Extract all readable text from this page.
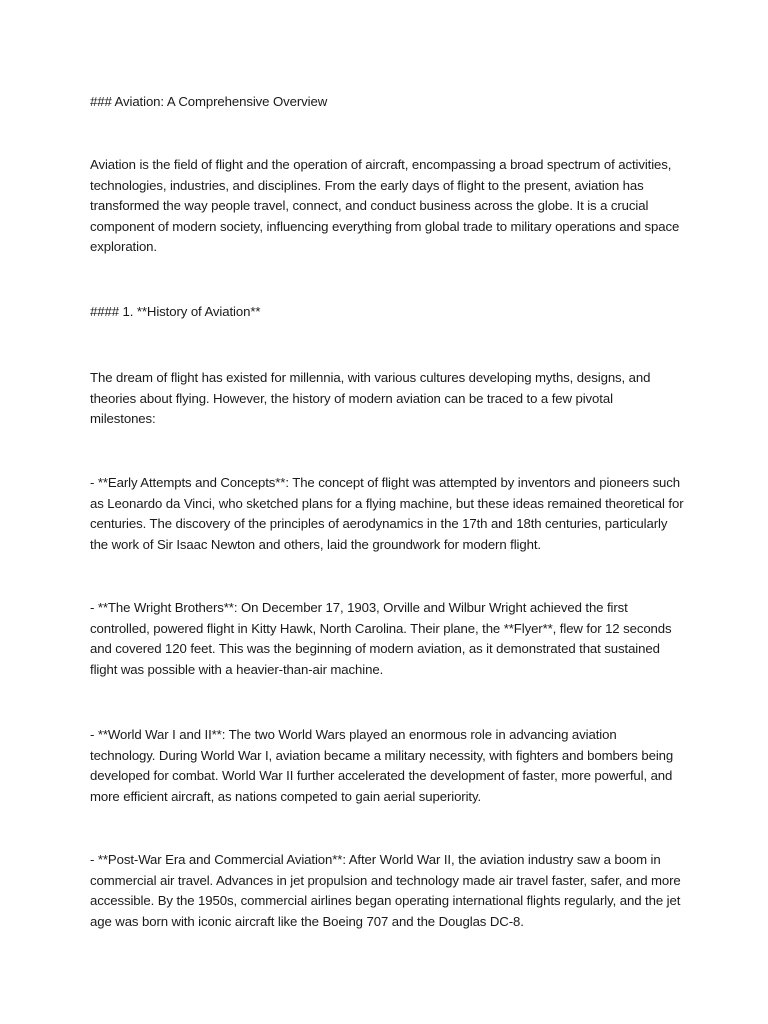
### Aviation: A Comprehensive Overview

Aviation is the field of flight and the operation of aircraft, encompassing a broad spectrum of activities,
technologies, industries, and disciplines. From the early days of flight to the present, aviation has
transformed the way people travel, connect, and conduct business across the globe. It is a crucial
component of modern society, influencing everything from global trade to military operations and space
exploration.

#### 1. **History of Aviation**

The dream of flight has existed for millennia, with various cultures developing myths, designs, and
theories about flying. However, the history of modern aviation can be traced to a few pivotal
milestones:

- **Early Attempts and Concepts**: The concept of flight was attempted by inventors and pioneers such
as Leonardo da Vinci, who sketched plans for a flying machine, but these ideas remained theoretical for
centuries. The discovery of the principles of aerodynamics in the 17th and 18th centuries, particularly
the work of Sir Isaac Newton and others, laid the groundwork for modern flight.

- **The Wright Brothers**: On December 17, 1903, Orville and Wilbur Wright achieved the first
controlled, powered flight in Kitty Hawk, North Carolina. Their plane, the **Flyer**, flew for 12 seconds
and covered 120 feet. This was the beginning of modern aviation, as it demonstrated that sustained
flight was possible with a heavier-than-air machine.

- **World War I and II**: The two World Wars played an enormous role in advancing aviation
technology. During World War I, aviation became a military necessity, with fighters and bombers being
developed for combat. World War II further accelerated the development of faster, more powerful, and
more efficient aircraft, as nations competed to gain aerial superiority.

- **Post-War Era and Commercial Aviation**: After World War II, the aviation industry saw a boom in
commercial air travel. Advances in jet propulsion and technology made air travel faster, safer, and more
accessible. By the 1950s, commercial airlines began operating international flights regularly, and the jet
age was born with iconic aircraft like the Boeing 707 and the Douglas DC-8.
